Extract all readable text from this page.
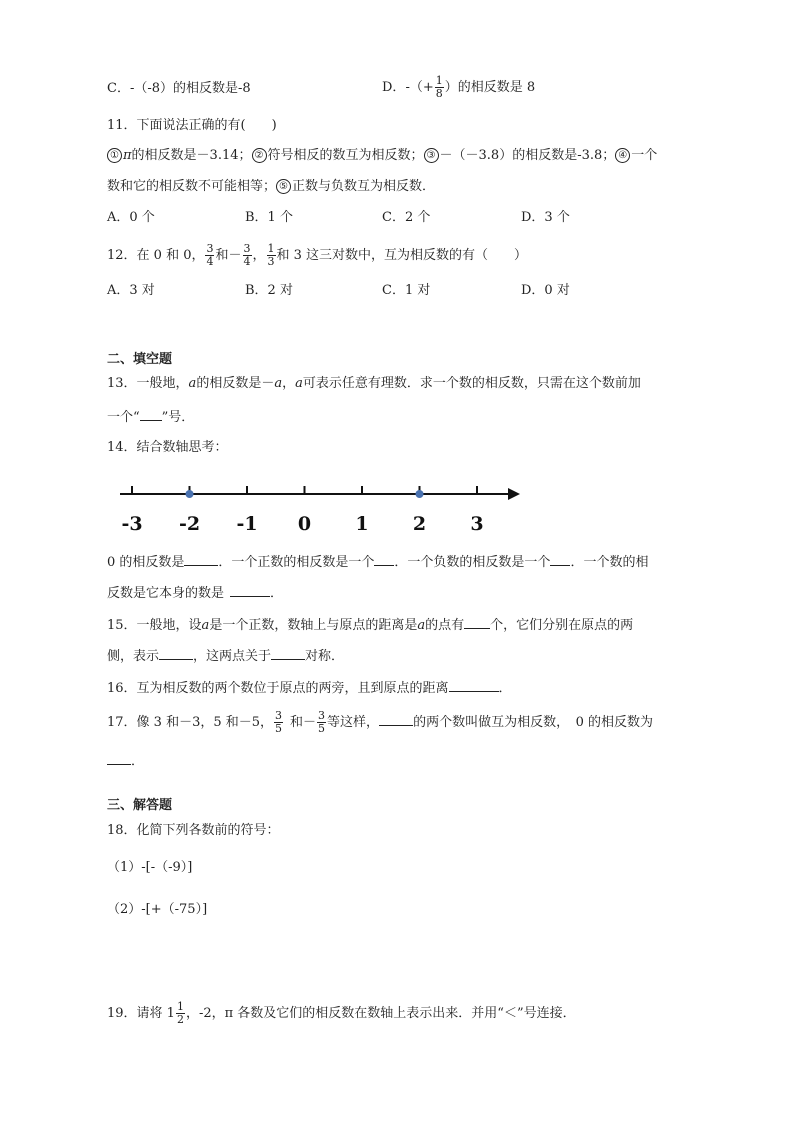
C．-（-8）的相反数是-8	D．-（+ $\frac{1}{8}$ ）的相反数是 8
11．下面说法正确的有(　　)
① π的相反数是－3.14； ② 符号相反的数互为相反数； ③ －（－3.8）的相反数是-3.8； ④ 一个
数和它的相反数不可能相等； ⑤ 正数与负数互为相反数．
A．0 个	B．1 个	C．2 个	D．3 个
12．在 0 和 0， $\frac{3}{4}$ 和－ $\frac{3}{4}$ ， $\frac{1}{3}$ 和 3 这三对数中，互为相反数的有（　　）
A．3 对	B．2 对	C．1 对	D．0 对
二、填空题
13．一般地，a的相反数是－a，a可表示任意有理数．求一个数的相反数，只需在这个数前加
一个“ ”号．
14．结合数轴思考：
-3 -2 -1 0 1 2 3
0 的相反数是	．一个正数的相反数是一个 ．一个负数的相反数是一个 ．一个数的相
反数是它本身的数是	．
15．一般地，设a是一个正数，数轴上与原点的距离是a的点有 个，它们分别在原点的两
侧，表示	，这两点关于	对称．
16．互为相反数的两个数位于原点的两旁，且到原点的距离	．
17．像 3 和－3，5 和－5， $\frac{3}{5}$ 和－ $\frac{3}{5}$ 等这样，	的两个数叫做互为相反数，　0 的相反数为
．
三、解答题
18．化简下列各数前的符号：
（1）-[-（-9）]
（2）-[+（-75）]
19．请将 $1 \frac{1}{2}$ ，-2，π 各数及它们的相反数在数轴上表示出来．并用“＜”号连接．
